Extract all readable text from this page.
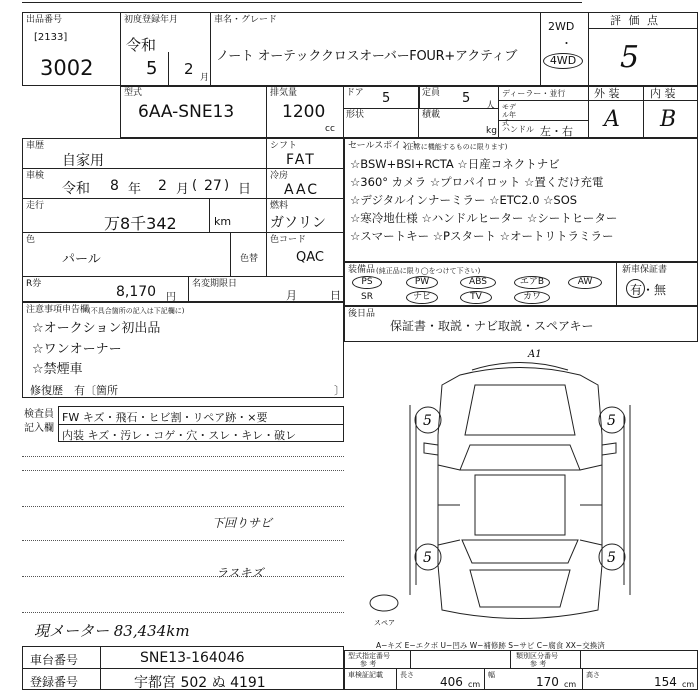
出品番号
[2133]
3002
初度登録年月
令和
5 2 月
車名・グレード
ノート オーテッククロスオーバーFOUR+アクティブ
2WD
・
4WD
評 価 点
5
型式
6AA-SNE13
排気量
1200
cc
ドア 5	定員 5 人
形状	積載
kg
ディーラー・並行
モデル年式
ハンドル 左・右
外 装	内 装
A B
車歴
自家用
車検
令和 8 年 2 月 ( 27 ) 日
走行
万8千342	km
色
パール	色替
シフト
FAT
冷房
AAC
燃料
ガソリン
色コード
QAC
R券	8,170 円
名変期限日
月	日
注意事項申告欄
(不具合箇所の記入は下記欄に)
☆オークション初出品
☆ワンオーナー
☆禁煙車
修復歴 有〔箇所	〕
検査員
記入欄
FW キズ・飛石・ヒビ割・リペア跡・×要
内装 キズ・汚レ・コゲ・穴・スレ・キレ・破レ
下回りサビ
ラスキズ
現メーター 83,434km
セールスポイント
(正常に機能するものに限ります)
☆BSW+BSI+RCTA ☆日産コネクトナビ
☆360° カメラ ☆プロパイロット ☆置くだけ充電
☆デジタルインナーミラー ☆ETC2.0 ☆SOS
☆寒冷地仕様 ☆ハンドルヒーター ☆シートヒーター
☆スマートキー ☆Pスタート ☆オートリトラミラー
装備品 (純正品に限り◯をつけて下さい)
PS	PW	ABS	エアB	AW
SR	ナビ	TV	カワ
新車保証書
有・無
後日品
保証書・取説・ナビ取説・スペアキー
A1
5	5
5	5
スペア
A−キズ E−エクボ U−凹み W−補修跡 S−サビ C−腐食 XX−交換済
車台番号	SNE13-164046
登録番号	宇都宮 502 ぬ 4191
型式指定番号
参 考
類別区分番号
参 考
車検証記載 長さ 406 cm
幅	170 cm
高さ	154 cm
